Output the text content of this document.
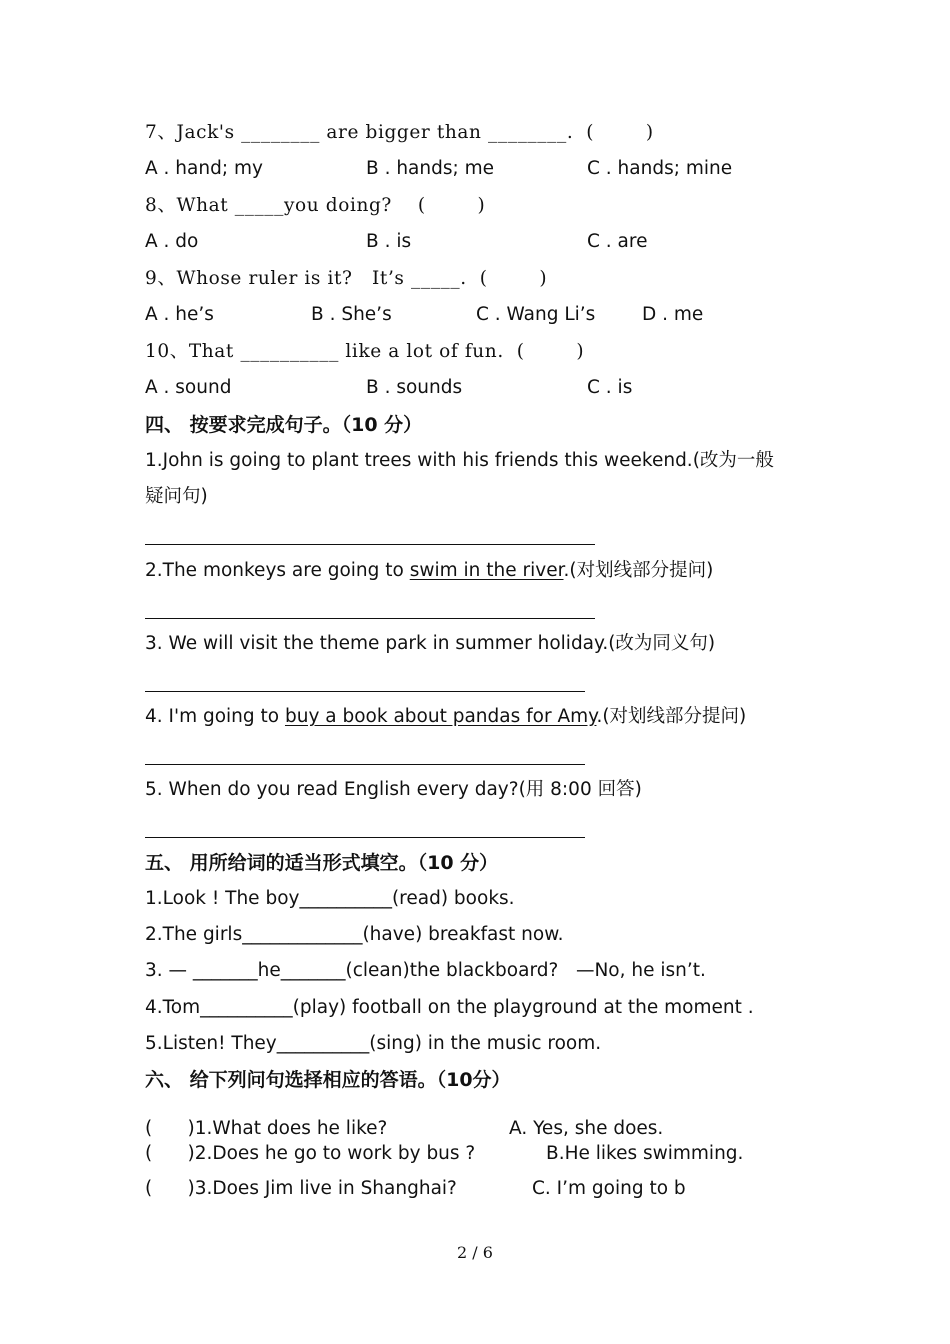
7、Jack's ________ are bigger than ________.  (        )
A . hand; my	B . hands; me	C . hands; mine
8、What _____you doing?    (        )
A . do	B . is	C . are
9、Whose ruler is it?   It’s _____.  (        )
A . he’s	B . She’s	C . Wang Li’s	D . me
10、That __________ like a lot of fun.  (        )
A . sound	B . sounds	C . is
四、 按要求完成句子。（10 分）
1.John is going to plant trees with his friends this weekend.(改为一般
疑问句)
2.The monkeys are going to swim in the river.(对划线部分提问)
3. We will visit the theme park in summer holiday.(改为同义句)
4. I'm going to buy a book about pandas for Amy.(对划线部分提问)
5. When do you read English every day?(用 8:00 回答)
五、 用所给词的适当形式填空。（10 分）
1.Look ! The boy__________(read) books.
2.The girls_____________(have) breakfast now.
3. — _______he_______(clean)the blackboard?   —No, he isn’t.
4.Tom__________(play) football on the playground at the moment .
5.Listen! They__________(sing) in the music room.
六、 给下列问句选择相应的答语。（10分）
(      )1.What does he like?	A. Yes, she does.
(      )2.Does he go to work by bus ?	B.He likes swimming.
(      )3.Does Jim live in Shanghai?	C. I’m going to b
2 / 6
